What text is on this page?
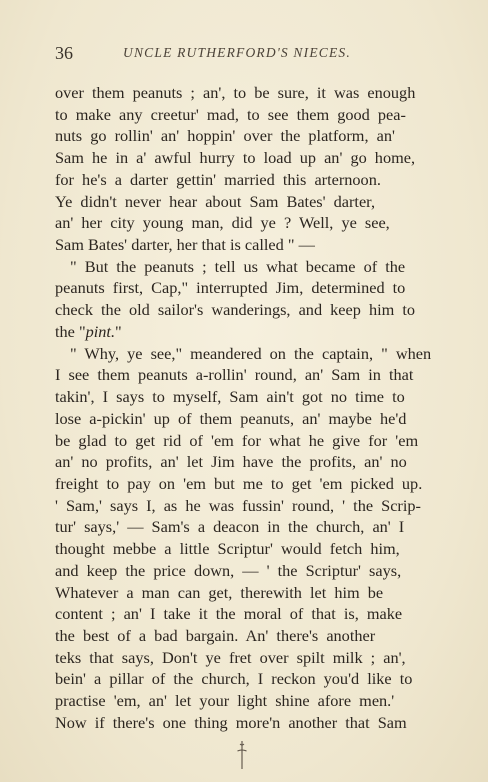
36	UNCLE RUTHERFORD'S NIECES.
over them peanuts ; an', to be sure, it was enough
to make any creetur' mad, to see them good pea-
nuts go rollin' an' hoppin' over the platform, an'
Sam he in a' awful hurry to load up an' go home,
for he's a darter gettin' married this arternoon.
Ye didn't never hear about Sam Bates' darter,
an' her city young man, did ye ? Well, ye see,
Sam Bates' darter, her that is called " —
" But the peanuts ; tell us what became of the
peanuts first, Cap," interrupted Jim, determined to
check the old sailor's wanderings, and keep him to
the "pint."
" Why, ye see," meandered on the captain, " when
I see them peanuts a-rollin' round, an' Sam in that
takin', I says to myself, Sam ain't got no time to
lose a-pickin' up of them peanuts, an' maybe he'd
be glad to get rid of 'em for what he give for 'em
an' no profits, an' let Jim have the profits, an' no
freight to pay on 'em but me to get 'em picked up.
' Sam,' says I, as he was fussin' round, ' the Scrip-
tur' says,' — Sam's a deacon in the church, an' I
thought mebbe a little Scriptur' would fetch him,
and keep the price down, — ' the Scriptur' says,
Whatever a man can get, therewith let him be
content ; an' I take it the moral of that is, make
the best of a bad bargain. An' there's another
teks that says, Don't ye fret over spilt milk ; an',
bein' a pillar of the church, I reckon you'd like to
practise 'em, an' let your light shine afore men.'
Now if there's one thing more'n another that Sam
